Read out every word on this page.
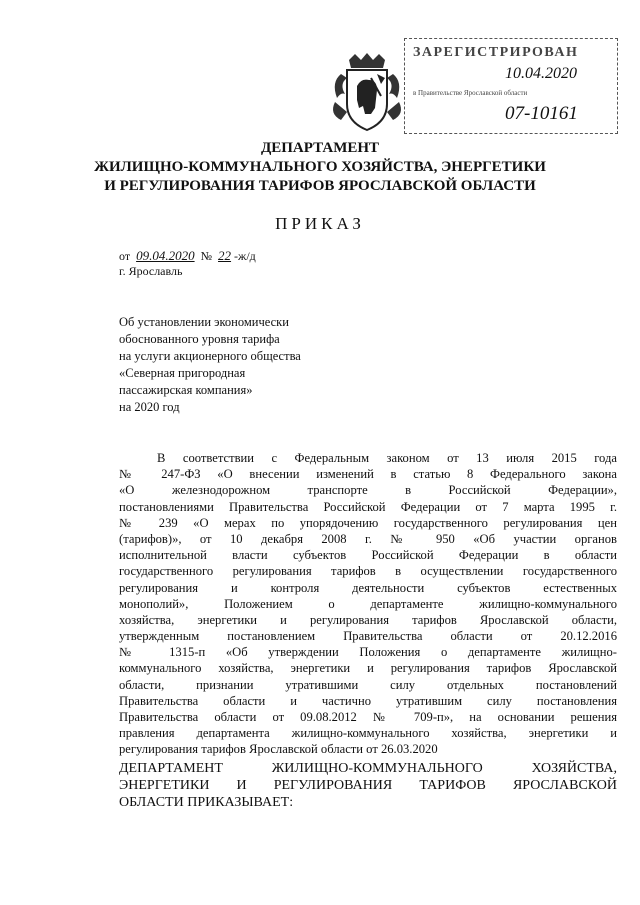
ЗАРЕГИСТРИРОВАН
10.04.2020
в Правительстве Ярославской области
07-10161
ДЕПАРТАМЕНТ
ЖИЛИЩНО-КОММУНАЛЬНОГО ХОЗЯЙСТВА, ЭНЕРГЕТИКИ
И РЕГУЛИРОВАНИЯ ТАРИФОВ ЯРОСЛАВСКОЙ ОБЛАСТИ
ПРИКАЗ
от 09.04.2020 № 22 -ж/д
г. Ярославль
Об установлении экономически
обоснованного уровня тарифа
на услуги акционерного общества
«Северная пригородная
пассажирская компания»
на 2020 год
В соответствии с Федеральным законом от 13 июля 2015 года
№ 247-ФЗ «О внесении изменений в статью 8 Федерального закона
«О железнодорожном транспорте в Российской Федерации»,
постановлениями Правительства Российской Федерации от 7 марта 1995 г.
№ 239 «О мерах по упорядочению государственного регулирования цен
(тарифов)», от 10 декабря 2008 г. № 950 «Об участии органов
исполнительной власти субъектов Российской Федерации в области
государственного регулирования тарифов в осуществлении государственного
регулирования и контроля деятельности субъектов естественных
монополий», Положением о департаменте жилищно-коммунального
хозяйства, энергетики и регулирования тарифов Ярославской области,
утвержденным постановлением Правительства области от 20.12.2016
№ 1315-п «Об утверждении Положения о департаменте жилищно-
коммунального хозяйства, энергетики и регулирования тарифов Ярославской
области, признании утратившими силу отдельных постановлений
Правительства области и частично утратившим силу постановления
Правительства области от 09.08.2012 № 709-п», на основании решения
правления департамента жилищно-коммунального хозяйства, энергетики и
регулирования тарифов Ярославской области от 26.03.2020
ДЕПАРТАМЕНТ ЖИЛИЩНО-КОММУНАЛЬНОГО ХОЗЯЙСТВА,
ЭНЕРГЕТИКИ И РЕГУЛИРОВАНИЯ ТАРИФОВ ЯРОСЛАВСКОЙ
ОБЛАСТИ ПРИКАЗЫВАЕТ:
